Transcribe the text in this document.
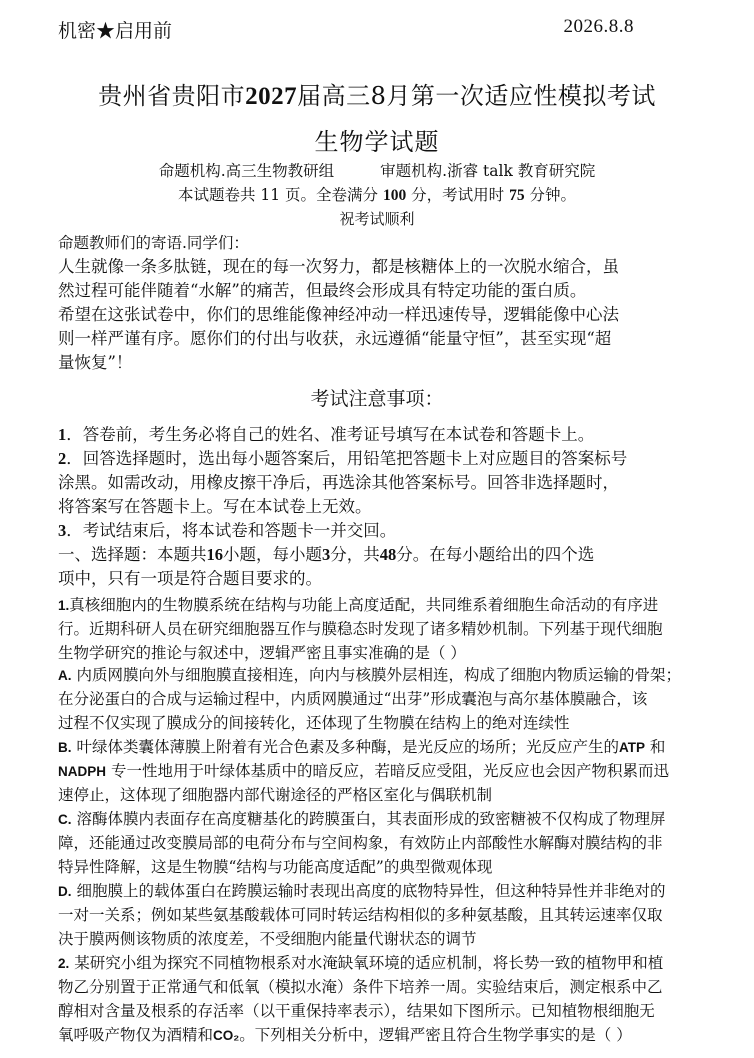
机密★启用前	2026.8.8
贵州省贵阳市2027届高三8月第一次适应性模拟考试
生物学试题
命题机构.高三生物教研组	审题机构.浙睿 talk 教育研究院
本试题卷共 11 页。全卷满分 100 分，考试用时 75 分钟。
祝考试顺利
命题教师们的寄语.同学们：
人生就像一条多肽链，现在的每一次努力，都是核糖体上的一次脱水缩合，虽
然过程可能伴随着“水解”的痛苦，但最终会形成具有特定功能的蛋白质。
希望在这张试卷中，你们的思维能像神经冲动一样迅速传导，逻辑能像中心法
则一样严谨有序。愿你们的付出与收获，永远遵循“能量守恒”，甚至实现“超
量恢复”！
考试注意事项：
1．答卷前，考生务必将自己的姓名、准考证号填写在本试卷和答题卡上。
2．回答选择题时，选出每小题答案后，用铅笔把答题卡上对应题目的答案标号
涂黑。如需改动，用橡皮擦干净后，再选涂其他答案标号。回答非选择题时，
将答案写在答题卡上。写在本试卷上无效。
3．考试结束后，将本试卷和答题卡一并交回。
一、选择题：本题共16小题，每小题3分，共48分。在每小题给出的四个选
项中，只有一项是符合题目要求的。
1.真核细胞内的生物膜系统在结构与功能上高度适配，共同维系着细胞生命活动的有序进
行。近期科研人员在研究细胞器互作与膜稳态时发现了诸多精妙机制。下列基于现代细胞
生物学研究的推论与叙述中，逻辑严密且事实准确的是（ ）
A. 内质网膜向外与细胞膜直接相连，向内与核膜外层相连，构成了细胞内物质运输的骨架；
在分泌蛋白的合成与运输过程中，内质网膜通过“出芽”形成囊泡与高尔基体膜融合，该
过程不仅实现了膜成分的间接转化，还体现了生物膜在结构上的绝对连续性
B. 叶绿体类囊体薄膜上附着有光合色素及多种酶，是光反应的场所；光反应产生的ATP 和
NADPH 专一性地用于叶绿体基质中的暗反应，若暗反应受阻，光反应也会因产物积累而迅
速停止，这体现了细胞器内部代谢途径的严格区室化与偶联机制
C. 溶酶体膜内表面存在高度糖基化的跨膜蛋白，其表面形成的致密糖被不仅构成了物理屏
障，还能通过改变膜局部的电荷分布与空间构象，有效防止内部酸性水解酶对膜结构的非
特异性降解，这是生物膜“结构与功能高度适配”的典型微观体现
D. 细胞膜上的载体蛋白在跨膜运输时表现出高度的底物特异性，但这种特异性并非绝对的
一对一关系；例如某些氨基酸载体可同时转运结构相似的多种氨基酸，且其转运速率仅取
决于膜两侧该物质的浓度差，不受细胞内能量代谢状态的调节
2. 某研究小组为探究不同植物根系对水淹缺氧环境的适应机制，将长势一致的植物甲和植
物乙分别置于正常通气和低氧（模拟水淹）条件下培养一周。实验结束后，测定根系中乙
醇相对含量及根系的存活率（以干重保持率表示），结果如下图所示。已知植物根细胞无
氧呼吸产物仅为酒精和CO₂。下列相关分析中，逻辑严密且符合生物学事实的是（ ）
